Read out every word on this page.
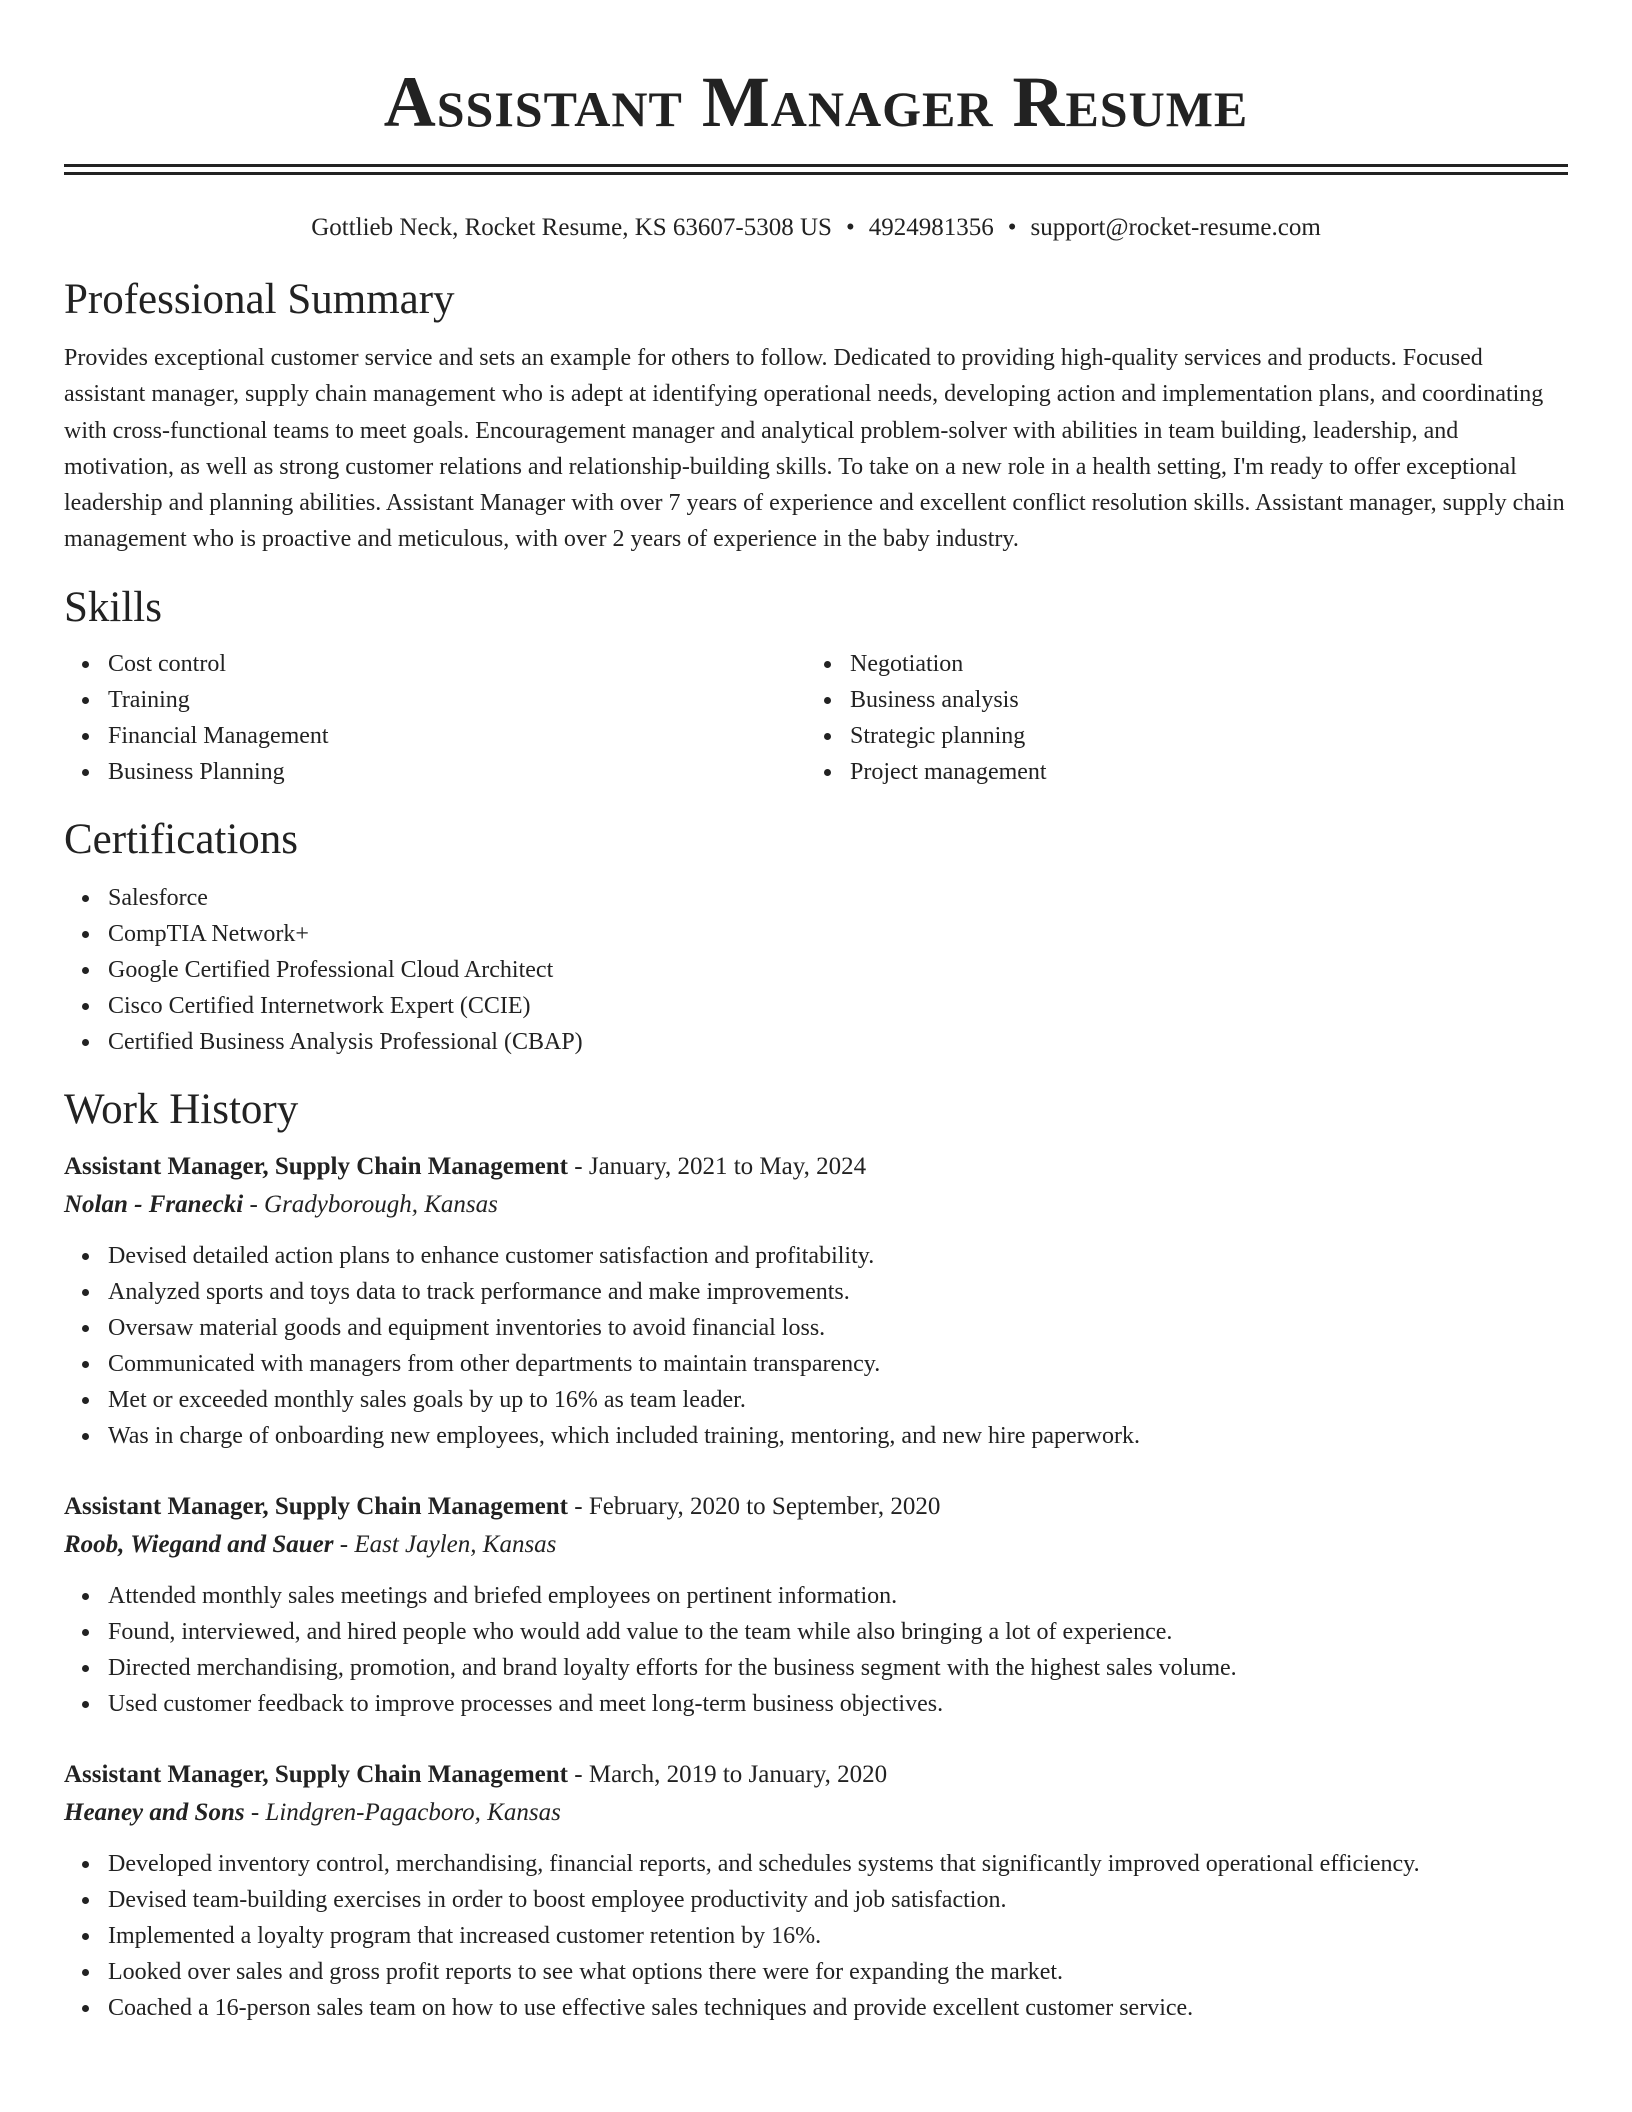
Assistant Manager Resume
Gottlieb Neck, Rocket Resume, KS 63607-5308 US • 4924981356 • support@rocket-resume.com
Professional Summary

Provides exceptional customer service and sets an example for others to follow. Dedicated to providing high-quality services and products. Focused assistant manager, supply chain management who is adept at identifying operational needs, developing action and implementation plans, and coordinating with cross-functional teams to meet goals. Encouragement manager and analytical problem-solver with abilities in team building, leadership, and motivation, as well as strong customer relations and relationship-building skills. To take on a new role in a health setting, I'm ready to offer exceptional leadership and planning abilities. Assistant Manager with over 7 years of experience and excellent conflict resolution skills. Assistant manager, supply chain management who is proactive and meticulous, with over 2 years of experience in the baby industry.

Skills
Cost control
Training
Financial Management
Business Planning
Negotiation
Business analysis
Strategic planning
Project management
Certifications
Salesforce
CompTIA Network+
Google Certified Professional Cloud Architect
Cisco Certified Internetwork Expert (CCIE)
Certified Business Analysis Professional (CBAP)
Work History
Assistant Manager, Supply Chain Management - January, 2021 to May, 2024
Nolan - Franecki - Gradyborough, Kansas
Devised detailed action plans to enhance customer satisfaction and profitability.
Analyzed sports and toys data to track performance and make improvements.
Oversaw material goods and equipment inventories to avoid financial loss.
Communicated with managers from other departments to maintain transparency.
Met or exceeded monthly sales goals by up to 16% as team leader.
Was in charge of onboarding new employees, which included training, mentoring, and new hire paperwork.
Assistant Manager, Supply Chain Management - February, 2020 to September, 2020
Roob, Wiegand and Sauer - East Jaylen, Kansas
Attended monthly sales meetings and briefed employees on pertinent information.
Found, interviewed, and hired people who would add value to the team while also bringing a lot of experience.
Directed merchandising, promotion, and brand loyalty efforts for the business segment with the highest sales volume.
Used customer feedback to improve processes and meet long-term business objectives.
Assistant Manager, Supply Chain Management - March, 2019 to January, 2020
Heaney and Sons - Lindgren-Pagacboro, Kansas
Developed inventory control, merchandising, financial reports, and schedules systems that significantly improved operational efficiency.
Devised team-building exercises in order to boost employee productivity and job satisfaction.
Implemented a loyalty program that increased customer retention by 16%.
Looked over sales and gross profit reports to see what options there were for expanding the market.
Coached a 16-person sales team on how to use effective sales techniques and provide excellent customer service.
